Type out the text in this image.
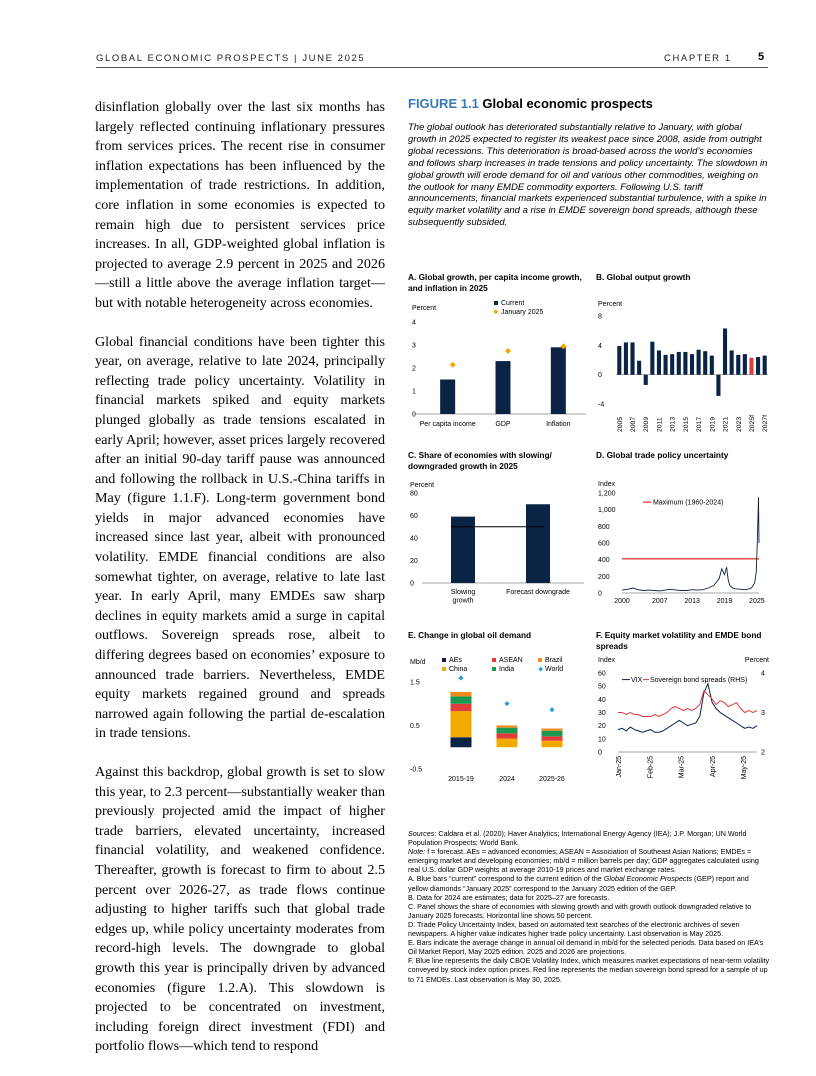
GLOBAL ECONOMIC PROSPECTS | JUNE 2025	CHAPTER 1 5

disinflation globally over the last six months has largely reflected continuing inflationary pressures from services prices. The recent rise in consumer inflation expectations has been influenced by the implementation of trade restrictions. In addition, core inflation in some economies is expected to remain high due to persistent services price increases. In all, GDP-weighted global inflation is projected to average 2.9 percent in 2025 and 2026—still a little above the average inflation target—but with notable heterogeneity across economies.

Global financial conditions have been tighter this year, on average, relative to late 2024, principally reflecting trade policy uncertainty. Volatility in financial markets spiked and equity markets plunged globally as trade tensions escalated in early April; however, asset prices largely recovered after an initial 90-day tariff pause was announced and following the rollback in U.S.-China tariffs in May (figure 1.1.F). Long-term government bond yields in major advanced economies have increased since last year, albeit with pronounced volatility. EMDE financial conditions are also somewhat tighter, on average, relative to late last year. In early April, many EMDEs saw sharp declines in equity markets amid a surge in capital outflows. Sovereign spreads rose, albeit to differing degrees based on economies’ exposure to announced trade barriers. Nevertheless, EMDE equity markets regained ground and spreads narrowed again following the partial de-escalation in trade tensions.

Against this backdrop, global growth is set to slow this year, to 2.3 percent—substantially weaker than previously projected amid the impact of higher trade barriers, elevated uncertainty, increased financial volatility, and weakened confidence. Thereafter, growth is forecast to firm to about 2.5 percent over 2026-27, as trade flows continue adjusting to higher tariffs such that global trade edges up, while policy uncertainty moderates from record-high levels. The downgrade to global growth this year is principally driven by advanced economies (figure 1.2.A). This slowdown is projected to be concentrated on investment, including foreign direct investment (FDI) and portfolio flows—which tend to respond

FIGURE 1.1 Global economic prospects
The global outlook has deteriorated substantially relative to January, with global growth in 2025 expected to register its weakest pace since 2008, aside from outright global recessions. This deterioration is broad-based across the world’s economies and follows sharp increases in trade tensions and policy uncertainty. The slowdown in global growth will erode demand for oil and various other commodities, weighing on the outlook for many EMDE commodity exporters. Following U.S. tariff announcements, financial markets experienced substantial turbulence, with a spike in equity market volatility and a rise in EMDE sovereign bond spreads, although these subsequently subsided.
A. Global growth, per capita income growth, and inflation in 2025
B. Global output growth
C. Share of economies with slowing/ downgraded growth in 2025
D. Global trade policy uncertainty
E. Change in global oil demand	F. Equity market volatility and EMDE bond spreads
Percent
0
1
2
3
4
Current
January 2025
Per capita income	GDP	Inflation
Percent
-4
0
4
8
2005 2007 2009 2011 2013 2015 2017 2019 2021 2023 2025f 2027f
Percent
0
20
40
60
80
Slowing
growth
Forecast downgrade
Index
0
200
400
600
800
1,000
1,200
Maximum (1960-2024)
2000	2007 2013 2019 2025
Mb/d
-0.5
0.5
1.5
AEs	ASEAN	Brazil
China	India	World
2015-19	2024	2025-26
Index	Percent
0
10
20
30
40
50
60
2
3
4
VIX Sovereign bond spreads (RHS)
Jan-25	Feb-25	Mar-25	Apr-25	May-25

Sources: Caldara et al. (2020); Haver Analytics; International Energy Agency (IEA); J.P. Morgan; UN World Population Prospects; World Bank.

Note: f = forecast. AEs = advanced economies; ASEAN = Association of Southeast Asian Nations; EMDEs = emerging market and developing economies; mb/d = million barrels per day; GDP aggregates calculated using real U.S. dollar GDP weights at average 2010-19 prices and market exchange rates.

A. Blue bars “current” correspond to the current edition of the Global Economic Prospects (GEP) report and yellow diamonds “January 2025” correspond to the January 2025 edition of the GEP.

B. Data for 2024 are estimates; data for 2025–27 are forecasts.

C. Panel shows the share of economies with slowing growth and with growth outlook downgraded relative to January 2025 forecasts. Horizontal line shows 50 percent.

D. Trade Policy Uncertainty Index, based on automated text searches of the electronic archives of seven newspapers. A higher value indicates higher trade policy uncertainty. Last observation is May 2025.

E. Bars indicate the average change in annual oil demand in mb/d for the selected periods. Data based on IEA’s Oil Market Report, May 2025 edition. 2025 and 2026 are projections.

F. Blue line represents the daily CBOE Volatility Index, which measures market expectations of near-term volatility conveyed by stock index option prices. Red line represents the median sovereign bond spread for a sample of up to 71 EMDEs. Last observation is May 30, 2025.
